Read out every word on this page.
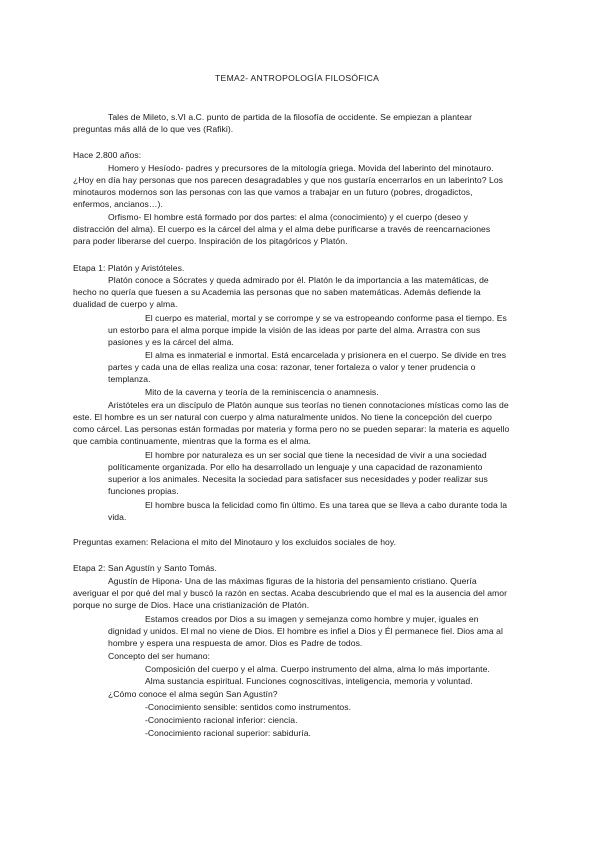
TEMA2- ANTROPOLOGÍA FILOSÓFICA
Tales de Mileto, s.VI a.C. punto de partida de la filosofía de occidente. Se empiezan a plantear
preguntas más allá de lo que ves (Rafiki).
Hace 2.800 años:
Homero y Hesíodo- padres y precursores de la mitología griega. Movida del laberinto del minotauro.
¿Hoy en día hay personas que nos parecen desagradables y que nos gustaría encerrarlos en un laberinto? Los
minotauros modernos son las personas con las que vamos a trabajar en un futuro (pobres, drogadictos,
enfermos, ancianos…).
Orfismo- El hombre está formado por dos partes: el alma (conocimiento) y el cuerpo (deseo y
distracción del alma). El cuerpo es la cárcel del alma y el alma debe purificarse a través de reencarnaciones
para poder liberarse del cuerpo. Inspiración de los pitagóricos y Platón.
Etapa 1: Platón y Aristóteles.
Platón conoce a Sócrates y queda admirado por él. Platón le da importancia a las matemáticas, de
hecho no quería que fuesen a su Academia las personas que no saben matemáticas. Además defiende la
dualidad de cuerpo y alma.
El cuerpo es material, mortal y se corrompe y se va estropeando conforme pasa el tiempo. Es
un estorbo para el alma porque impide la visión de las ideas por parte del alma. Arrastra con sus
pasiones y es la cárcel del alma.
El alma es inmaterial e inmortal. Está encarcelada y prisionera en el cuerpo. Se divide en tres
partes y cada una de ellas realiza una cosa: razonar, tener fortaleza o valor y tener prudencia o
templanza.
Mito de la caverna y teoría de la reminiscencia o anamnesis.
Aristóteles era un discípulo de Platón aunque sus teorías no tienen connotaciones místicas como las de
este. El hombre es un ser natural con cuerpo y alma naturalmente unidos. No tiene la concepción del cuerpo
como cárcel. Las personas están formadas por materia y forma pero no se pueden separar: la materia es aquello
que cambia continuamente, mientras que la forma es el alma.
El hombre por naturaleza es un ser social que tiene la necesidad de vivir a una sociedad
políticamente organizada. Por ello ha desarrollado un lenguaje y una capacidad de razonamiento
superior a los animales. Necesita la sociedad para satisfacer sus necesidades y poder realizar sus
funciones propias.
El hombre busca la felicidad como fin último. Es una tarea que se lleva a cabo durante toda la
vida.
Preguntas examen: Relaciona el mito del Minotauro y los excluidos sociales de hoy.
Etapa 2: San Agustín y Santo Tomás.
Agustín de Hipona- Una de las máximas figuras de la historia del pensamiento cristiano. Quería
averiguar el por qué del mal y buscó la razón en sectas. Acaba descubriendo que el mal es la ausencia del amor
porque no surge de Dios. Hace una cristianización de Platón.
Estamos creados por Dios a su imagen y semejanza como hombre y mujer, iguales en
dignidad y unidos. El mal no viene de Dios. El hombre es infiel a Dios y Él permanece fiel. Dios ama al
hombre y espera una respuesta de amor. Dios es Padre de todos.
Concepto del ser humano:
Composición del cuerpo y el alma. Cuerpo instrumento del alma, alma lo más importante.
Alma sustancia espiritual. Funciones cognoscitivas, inteligencia, memoria y voluntad.
¿Cómo conoce el alma según San Agustín?
-Conocimiento sensible: sentidos como instrumentos.
-Conocimiento racional inferior: ciencia.
-Conocimiento racional superior: sabiduría.
